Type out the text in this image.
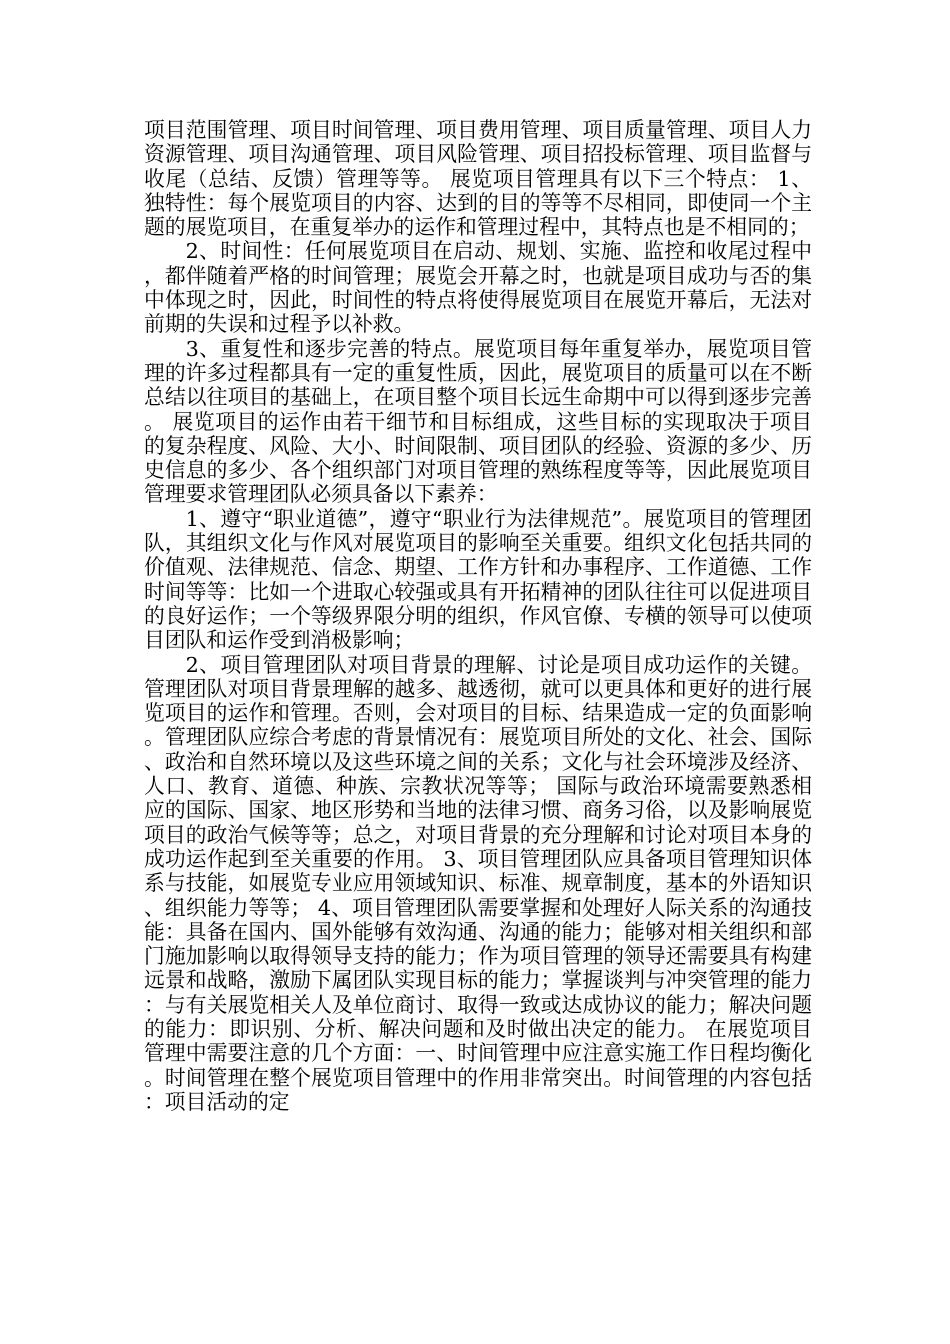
项目范围管理、项目时间管理、项目费用管理、项目质量管理、项目人力资源管理、项目沟通管理、项目风险管理、项目招投标管理、项目监督与收尾（总结、反馈）管理等等。 展览项目管理具有以下三个特点： 1、独特性：每个展览项目的内容、达到的目的等等不尽相同，即使同一个主题的展览项目，在重复举办的运作和管理过程中，其特点也是不相同的；

2、时间性：任何展览项目在启动、规划、实施、监控和收尾过程中，都伴随着严格的时间管理；展览会开幕之时，也就是项目成功与否的集中体现之时，因此，时间性的特点将使得展览项目在展览开幕后，无法对前期的失误和过程予以补救。

3、重复性和逐步完善的特点。展览项目每年重复举办，展览项目管理的许多过程都具有一定的重复性质，因此，展览项目的质量可以在不断总结以往项目的基础上，在项目整个项目长远生命期中可以得到逐步完善。 展览项目的运作由若干细节和目标组成，这些目标的实现取决于项目的复杂程度、风险、大小、时间限制、项目团队的经验、资源的多少、历史信息的多少、各个组织部门对项目管理的熟练程度等等，因此展览项目管理要求管理团队必须具备以下素养：

1、遵守“职业道德”，遵守“职业行为法律规范”。展览项目的管理团队，其组织文化与作风对展览项目的影响至关重要。组织文化包括共同的价值观、法律规范、信念、期望、工作方针和办事程序、工作道德、工作时间等等：比如一个进取心较强或具有开拓精神的团队往往可以促进项目的良好运作；一个等级界限分明的组织，作风官僚、专横的领导可以使项目团队和运作受到消极影响；

2、项目管理团队对项目背景的理解、讨论是项目成功运作的关键。管理团队对项目背景理解的越多、越透彻，就可以更具体和更好的进行展览项目的运作和管理。否则，会对项目的目标、结果造成一定的负面影响。管理团队应综合考虑的背景情况有：展览项目所处的文化、社会、国际、政治和自然环境以及这些环境之间的关系；文化与社会环境涉及经济、人口、教育、道德、种族、宗教状况等等； 国际与政治环境需要熟悉相应的国际、国家、地区形势和当地的法律习惯、商务习俗，以及影响展览项目的政治气候等等；总之，对项目背景的充分理解和讨论对项目本身的成功运作起到至关重要的作用。 3、项目管理团队应具备项目管理知识体系与技能，如展览专业应用领域知识、标准、规章制度，基本的外语知识、组织能力等等； 4、项目管理团队需要掌握和处理好人际关系的沟通技能：具备在国内、国外能够有效沟通、沟通的能力；能够对相关组织和部门施加影响以取得领导支持的能力；作为项目管理的领导还需要具有构建远景和战略，激励下属团队实现目标的能力；掌握谈判与冲突管理的能力：与有关展览相关人及单位商讨、取得一致或达成协议的能力；解决问题的能力：即识别、分析、解决问题和及时做出决定的能力。 在展览项目管理中需要注意的几个方面：一、时间管理中应注意实施工作日程均衡化。时间管理在整个展览项目管理中的作用非常突出。时间管理的内容包括：项目活动的定
